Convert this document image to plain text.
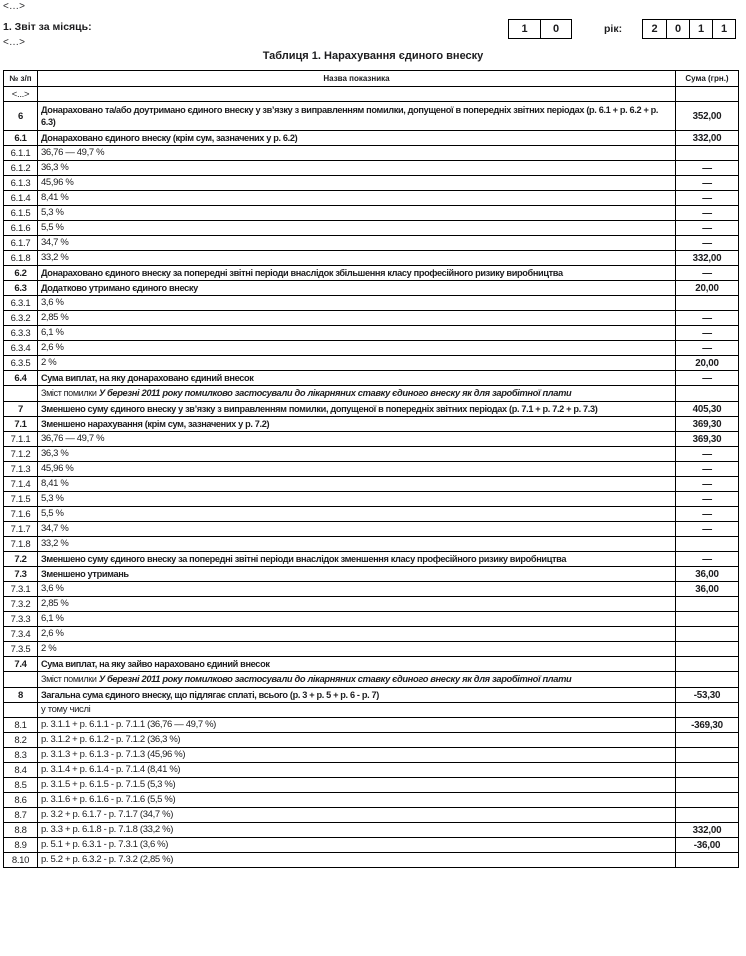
<...>
1. Звіт за місяць:	1	0	рік:	2	0	1	1
<...>
Таблиця 1. Нарахування єдиного внеску
№ з/п	Назва показника	Сума (грн.)
<...>		
6	Донараховано та/або доутримано єдиного внеску у зв’язку з виправленням помилки, допущеної в попередніх звітних періодах (р. 6.1 + р. 6.2 + р. 6.3)	352,00
6.1	Донараховано єдиного внеску (крім сум, зазначених у р. 6.2)	332,00
6.1.1	36,76 — 49,7 %	
6.1.2	36,3 %	—
6.1.3	45,96 %	—
6.1.4	8,41 %	—
6.1.5	5,3 %	—
6.1.6	5,5 %	—
6.1.7	34,7 %	—
6.1.8	33,2 %	332,00
6.2	Донараховано єдиного внеску за попередні звітні періоди внаслідок збільшення класу професійного ризику виробництва	—
6.3	Додатково утримано єдиного внеску	20,00
6.3.1	3,6 %	
6.3.2	2,85 %	—
6.3.3	6,1 %	—
6.3.4	2,6 %	—
6.3.5	2 %	20,00
6.4	Сума виплат, на яку донараховано єдиний внесок	—
	Зміст помилки У березні 2011 року помилково застосували до лікарняних ставку єдиного внеску як для заробітної плати	
7	Зменшено суму єдиного внеску у зв’язку з виправленням помилки, допущеної в попередніх звітних періодах (р. 7.1 + р. 7.2 + р. 7.3)	405,30
7.1	Зменшено нарахування (крім сум, зазначених у р. 7.2)	369,30
7.1.1	36,76 — 49,7 %	369,30
7.1.2	36,3 %	—
7.1.3	45,96 %	—
7.1.4	8,41 %	—
7.1.5	5,3 %	—
7.1.6	5,5 %	—
7.1.7	34,7 %	—
7.1.8	33,2 %	
7.2	Зменшено суму єдиного внеску за попередні звітні періоди внаслідок зменшення класу професійного ризику виробництва	—
7.3	Зменшено утримань	36,00
7.3.1	3,6 %	36,00
7.3.2	2,85 %	
7.3.3	6,1 %	
7.3.4	2,6 %	
7.3.5	2 %	
7.4	Сума виплат, на яку зайво нараховано єдиний внесок	
	Зміст помилки У березні 2011 року помилково застосували до лікарняних ставку єдиного внеску як для заробітної плати	
8	Загальна сума єдиного внеску, що підлягає сплаті, всього (р. 3 + р. 5 + р. 6 - р. 7)	-53,30
	у тому числі	
8.1	р. 3.1.1 + р. 6.1.1 - р. 7.1.1 (36,76 — 49,7 %)	-369,30
8.2	р. 3.1.2 + р. 6.1.2 - р. 7.1.2 (36,3 %)	
8.3	р. 3.1.3 + р. 6.1.3 - р. 7.1.3 (45,96 %)	
8.4	р. 3.1.4 + р. 6.1.4 - р. 7.1.4 (8,41 %)	
8.5	р. 3.1.5 + р. 6.1.5 - р. 7.1.5 (5,3 %)	
8.6	р. 3.1.6 + р. 6.1.6 - р. 7.1.6 (5,5 %)	
8.7	р. 3.2 + р. 6.1.7 - р. 7.1.7 (34,7 %)	
8.8	р. 3.3 + р. 6.1.8 - р. 7.1.8 (33,2 %)	332,00
8.9	р. 5.1 + р. 6.3.1 - р. 7.3.1 (3,6 %)	-36,00
8.10	р. 5.2 + р. 6.3.2 - р. 7.3.2 (2,85 %)	
